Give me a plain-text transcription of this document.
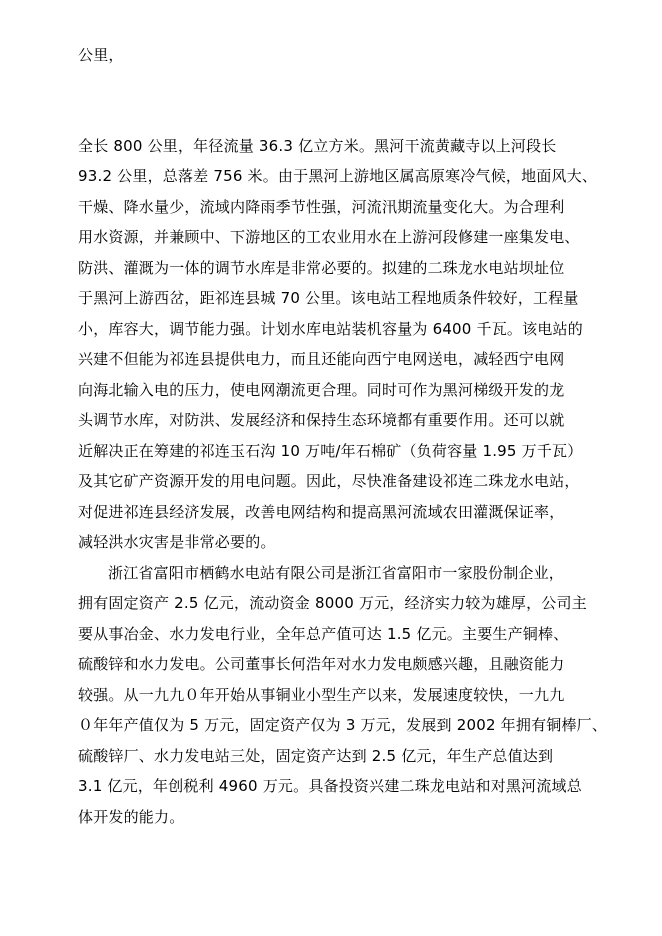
公里，

全长 800 公里，年径流量 36.3 亿立方米。黑河干流黄藏寺以上河段长

93.2 公里，总落差 756 米。由于黑河上游地区属高原寒冷气候，地面风大、

干燥、降水量少，流域内降雨季节性强，河流汛期流量变化大。为合理利

用水资源，并兼顾中、下游地区的工农业用水在上游河段修建一座集发电、

防洪、灌溉为一体的调节水库是非常必要的。拟建的二珠龙水电站坝址位

于黑河上游西岔，距祁连县城 70 公里。该电站工程地质条件较好，工程量

小，库容大，调节能力强。计划水库电站装机容量为 6400 千瓦。该电站的

兴建不但能为祁连县提供电力，而且还能向西宁电网送电，减轻西宁电网

向海北输入电的压力，使电网潮流更合理。同时可作为黑河梯级开发的龙

头调节水库，对防洪、发展经济和保持生态环境都有重要作用。还可以就

近解决正在筹建的祁连玉石沟 10 万吨/年石棉矿（负荷容量 1.95 万千瓦）

及其它矿产资源开发的用电问题。因此，尽快准备建设祁连二珠龙水电站，

对促进祁连县经济发展，改善电网结构和提高黑河流域农田灌溉保证率，

减轻洪水灾害是非常必要的。

浙江省富阳市栖鹤水电站有限公司是浙江省富阳市一家股份制企业，

拥有固定资产 2.5 亿元，流动资金 8000 万元，经济实力较为雄厚，公司主

要从事冶金、水力发电行业，全年总产值可达 1.5 亿元。主要生产铜棒、

硫酸锌和水力发电。公司董事长何浩年对水力发电颇感兴趣，且融资能力

较强。从一九九０年开始从事铜业小型生产以来，发展速度较快，一九九

０年年产值仅为 5 万元，固定资产仅为 3 万元，发展到 2002 年拥有铜棒厂、

硫酸锌厂、水力发电站三处，固定资产达到 2.5 亿元，年生产总值达到

3.1 亿元，年创税利 4960 万元。具备投资兴建二珠龙电站和对黑河流域总

体开发的能力。
